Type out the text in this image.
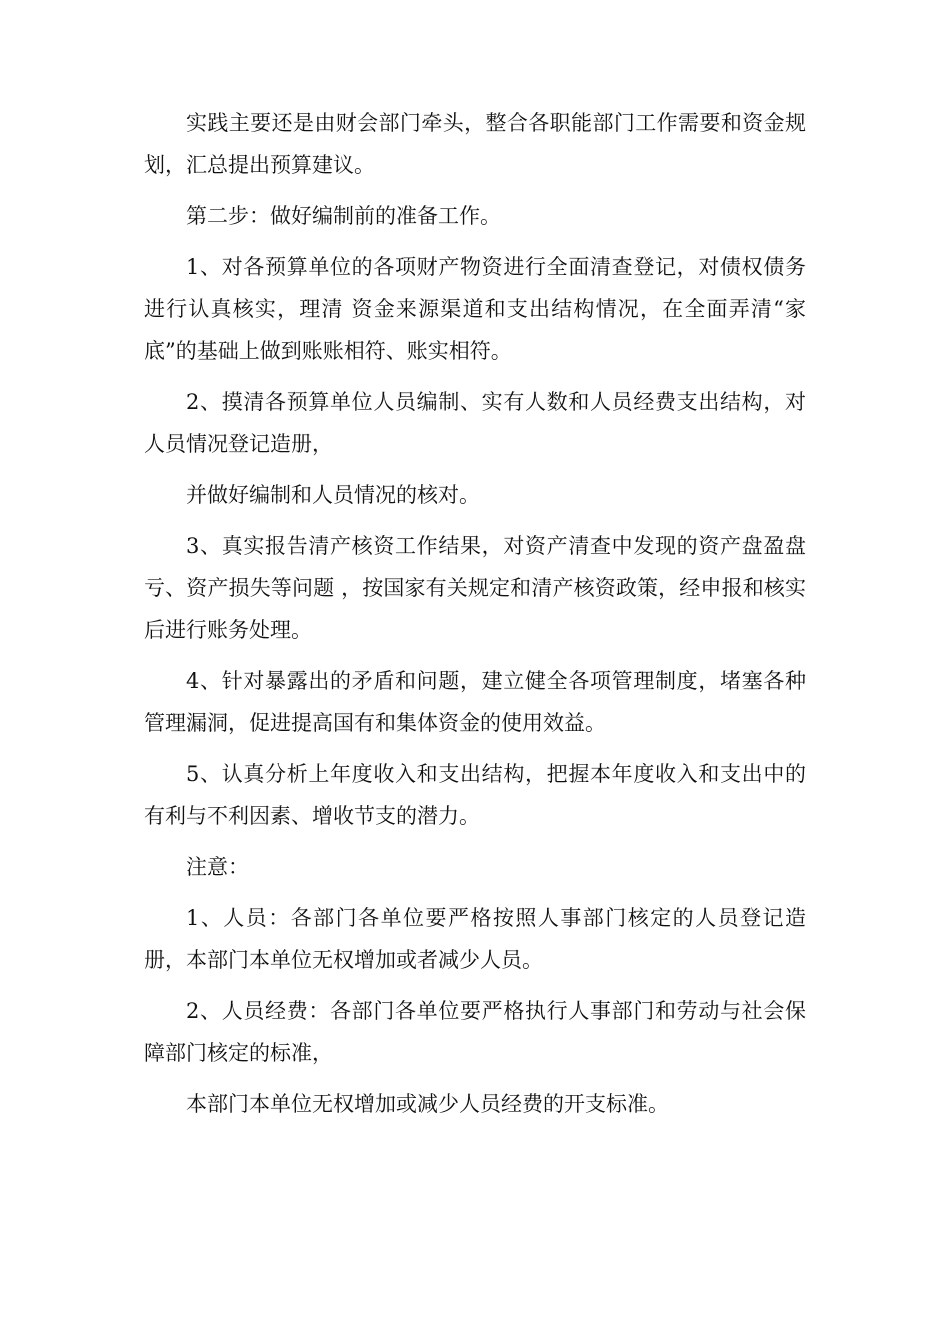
实践主要还是由财会部门牵头，整合各职能部门工作需要和资金规划，汇总提出预算建议。

第二步：做好编制前的准备工作。

1、对各预算单位的各项财产物资进行全面清查登记，对债权债务进行认真核实，理清 资金来源渠道和支出结构情况，在全面弄清“家底”的基础上做到账账相符、账实相符。

2、摸清各预算单位人员编制、实有人数和人员经费支出结构，对人员情况登记造册，

并做好编制和人员情况的核对。

3、真实报告清产核资工作结果，对资产清查中发现的资产盘盈盘亏、资产损失等问题 ，按国家有关规定和清产核资政策，经申报和核实后进行账务处理。

4、针对暴露出的矛盾和问题，建立健全各项管理制度，堵塞各种管理漏洞，促进提高国有和集体资金的使用效益。

5、认真分析上年度收入和支出结构，把握本年度收入和支出中的有利与不利因素、增收节支的潜力。

注意：

1、人员：各部门各单位要严格按照人事部门核定的人员登记造册，本部门本单位无权增加或者减少人员。

2、人员经费：各部门各单位要严格执行人事部门和劳动与社会保障部门核定的标准，

本部门本单位无权增加或减少人员经费的开支标准。
